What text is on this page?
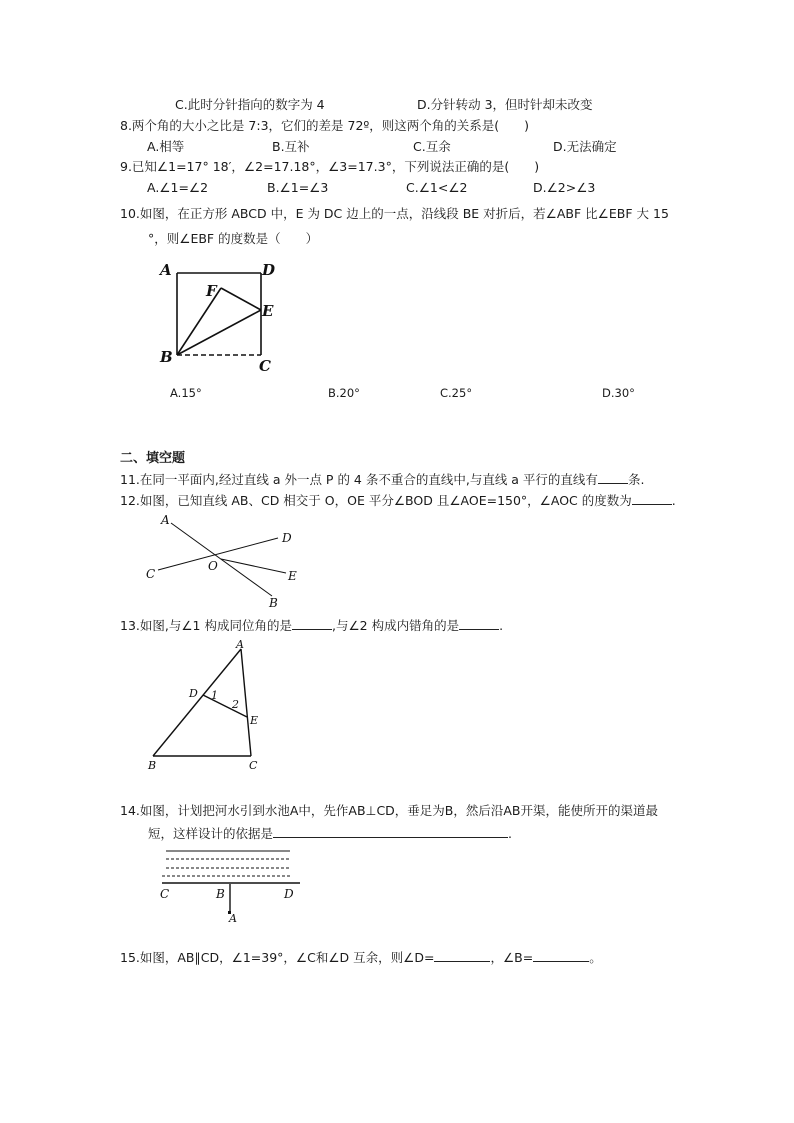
C.此时分针指向的数字为 4	D.分针转动 3，但时针却未改变
8.两个角的大小之比是 7:3，它们的差是 72º，则这两个角的关系是(　　)
A.相等	B.互补	C.互余	D.无法确定
9.已知∠1=17° 18′，∠2=17.18°，∠3=17.3°，下列说法正确的是(　　)
A.∠1=∠2	B.∠1=∠3	C.∠1<∠2	D.∠2>∠3
10.如图，在正方形 ABCD 中，E 为 DC 边上的一点，沿线段 BE 对折后，若∠ABF 比∠EBF 大 15
°，则∠EBF 的度数是（　　）
A	D
F
E
B	C
A.15°	B.20°	C.25°	D.30°
二、填空题
11.在同一平面内,经过直线 a 外一点 P 的 4 条不重合的直线中,与直线 a 平行的直线有 条.
12.如图，已知直线 AB、CD 相交于 O，OE 平分∠BOD 且∠AOE=150°，∠AOC 的度数为	.
A
D
C
O
E
B
13.如图,与∠1 构成同位角的是	,与∠2 构成内错角的是	.
A
D 1
2
E
B	C
14.如图，计划把河水引到水池A中，先作AB⊥CD，垂足为B，然后沿AB开渠，能使所开的渠道最
短，这样设计的依据是	.
C	B	D
A
15.如图，AB∥CD，∠1=39°，∠C和∠D 互余，则∠D=	，∠B=	。
